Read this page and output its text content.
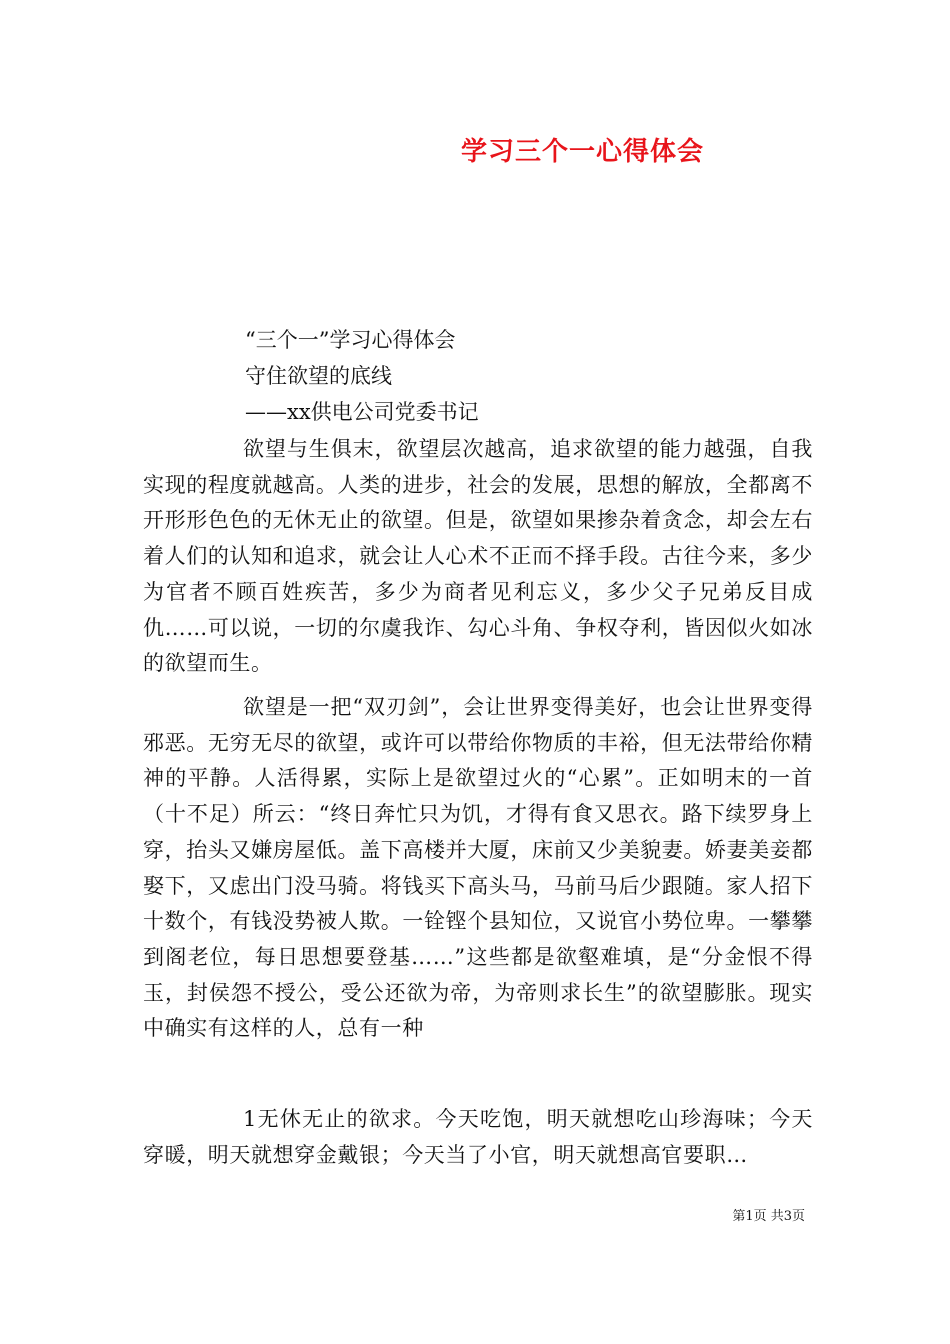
学习三个一心得体会
“三个一”学习心得体会
守住欲望的底线
——xx供电公司党委书记
欲望与生俱末，欲望层次越高，追求欲望的能力越强，自我实现的程度就越高。人类的进步，社会的发展，思想的解放，全都离不开形形色色的无休无止的欲望。但是，欲望如果掺杂着贪念，却会左右着人们的认知和追求，就会让人心术不正而不择手段。古往今来，多少为官者不顾百姓疾苦，多少为商者见利忘义，多少父子兄弟反目成仇……可以说，一切的尔虞我诈、勾心斗角、争权夺利，皆因似火如冰的欲望而生。
欲望是一把“双刃剑”，会让世界变得美好，也会让世界变得邪恶。无穷无尽的欲望，或许可以带给你物质的丰裕，但无法带给你精神的平静。人活得累，实际上是欲望过火的“心累”。正如明末的一首（十不足）所云：“终日奔忙只为饥，才得有食又思衣。路下续罗身上穿，抬头又嫌房屋低。盖下高楼并大厦，床前又少美貌妻。娇妻美妾都娶下，又虑出门没马骑。将钱买下高头马，马前马后少跟随。家人招下十数个，有钱没势被人欺。一铨铿个县知位，又说官小势位卑。一攀攀到阁老位，每日思想要登基……”这些都是欲壑难填，是“分金恨不得玉，封侯怨不授公，受公还欲为帝，为帝则求长生”的欲望膨胀。现实中确实有这样的人，总有一种
1无休无止的欲求。今天吃饱，明天就想吃山珍海味；今天穿暖，明天就想穿金戴银；今天当了小官，明天就想高官要职…
第1页 共3页
